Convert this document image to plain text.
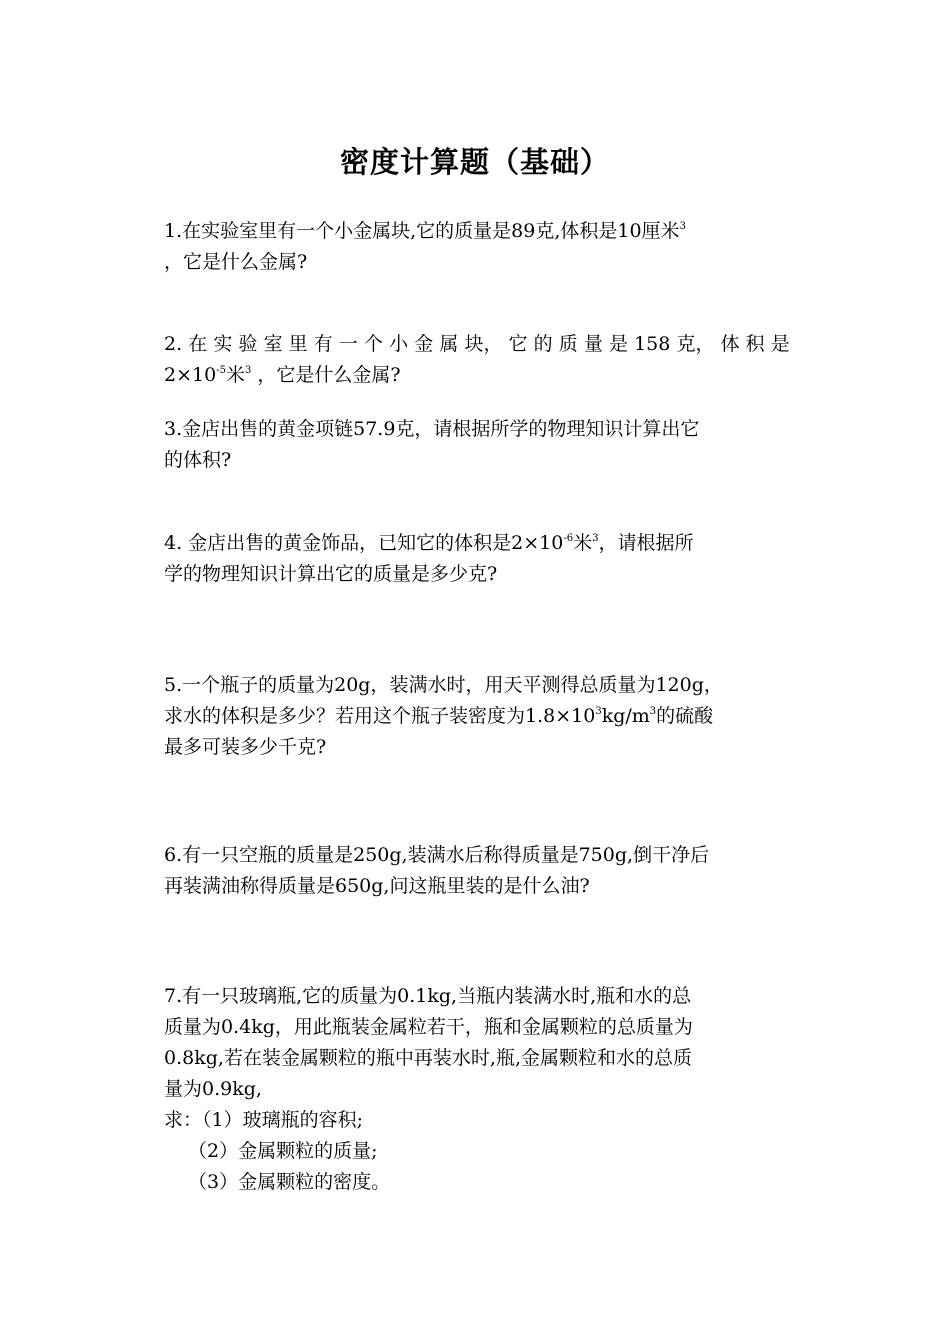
密度计算题（基础）
1.在实验室里有一个小金属块,它的质量是89克,体积是10厘米$^3$
，它是什么金属?
2. 在 实 验 室 里 有 一 个 小 金 属 块， 它 的 质 量 是 158 克， 体 积 是
$2\times 10^{-5}$米$^3$ ，它是什么金属?
3.金店出售的黄金项链57.9克，请根据所学的物理知识计算出它
的体积?
4. 金店出售的黄金饰品，已知它的体积是$2\times 10^{-6}$米$^3$，请根据所
学的物理知识计算出它的质量是多少克?
5.一个瓶子的质量为20g，装满水时，用天平测得总质量为120g，
求水的体积是多少？若用这个瓶子装密度为$1.8\times 10^3kg/m^3$的硫酸
最多可装多少千克?
6.有一只空瓶的质量是250g,装满水后称得质量是750g,倒干净后
再装满油称得质量是650g,问这瓶里装的是什么油?
7.有一只玻璃瓶,它的质量为0.1kg,当瓶内装满水时,瓶和水的总
质量为0.4kg，用此瓶装金属粒若干，瓶和金属颗粒的总质量为
0.8kg,若在装金属颗粒的瓶中再装水时,瓶,金属颗粒和水的总质
量为0.9kg,
求：（1）玻璃瓶的容积;
（2）金属颗粒的质量;
（3）金属颗粒的密度。
